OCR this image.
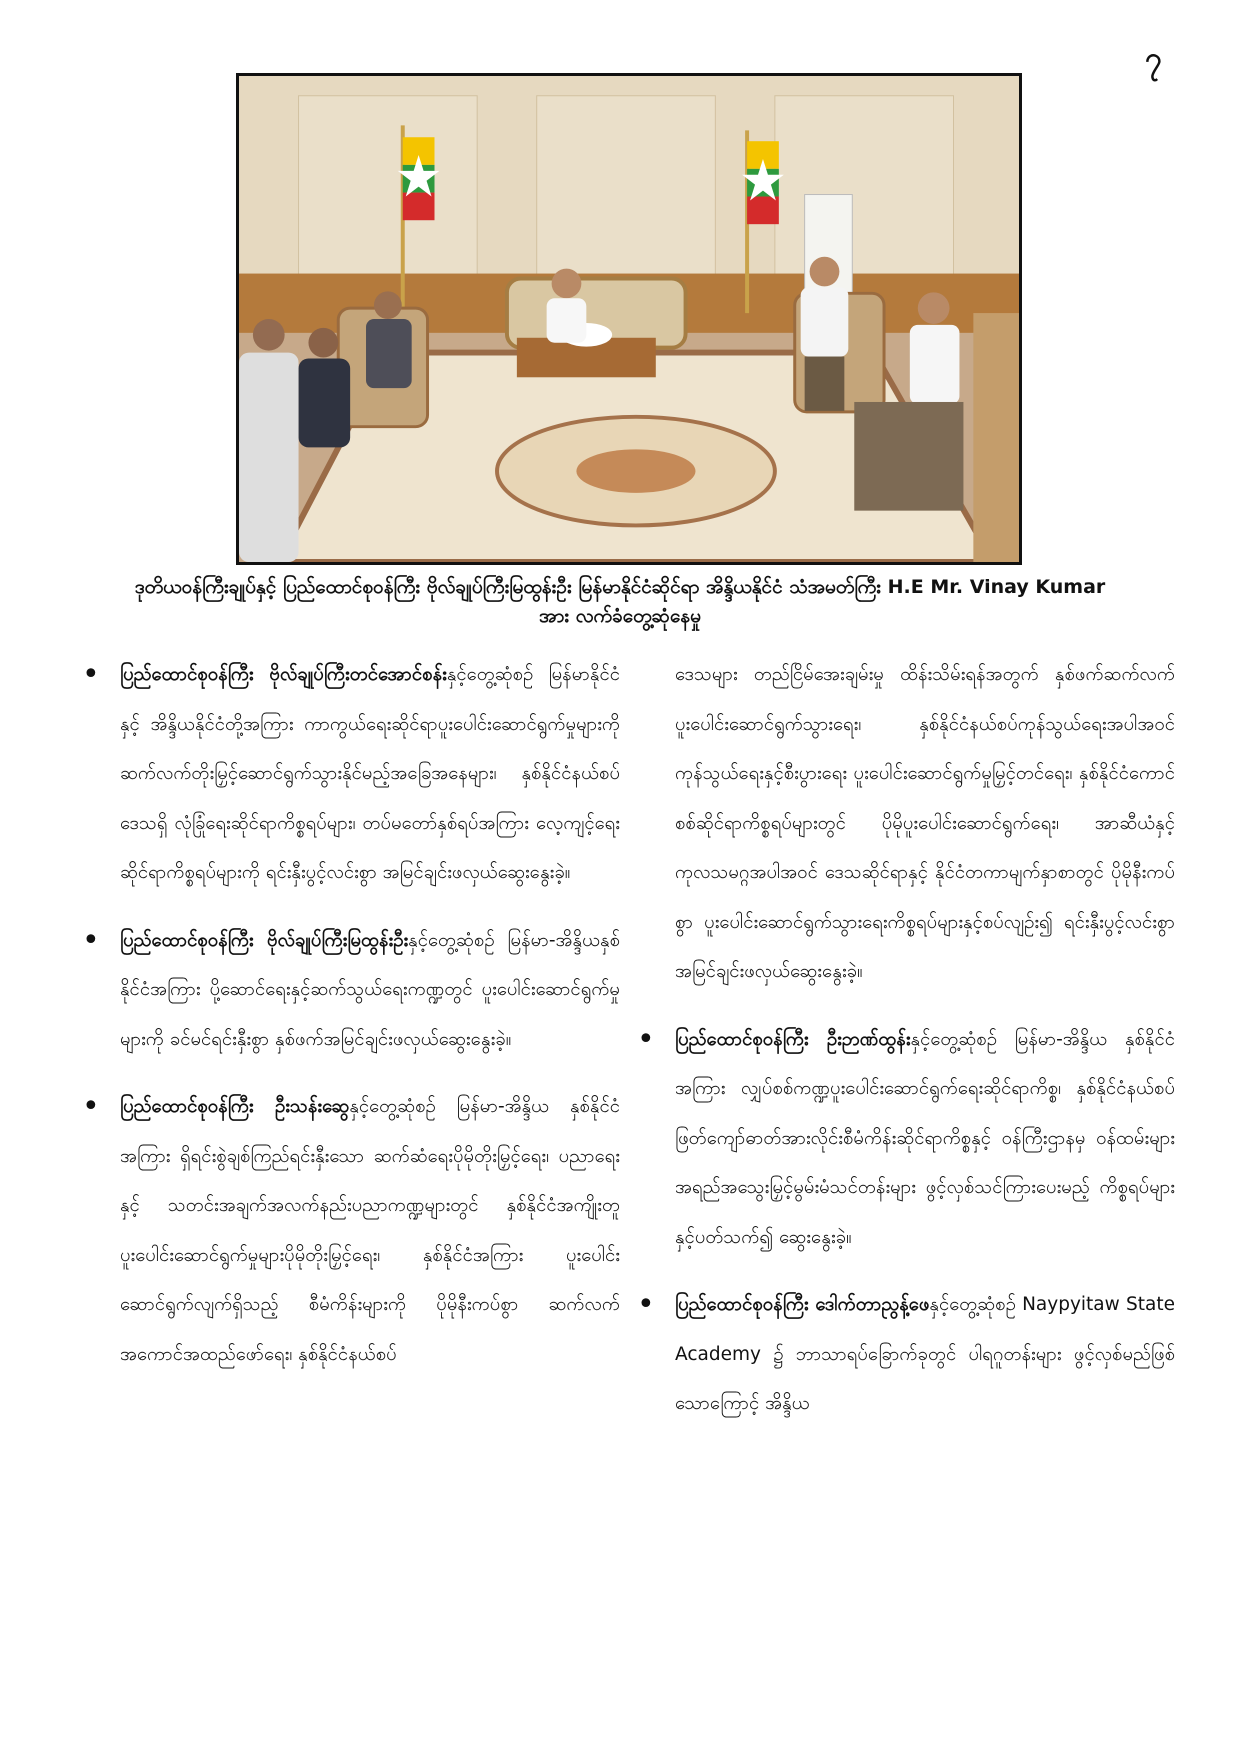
၇
ဒုတိယဝန်ကြီးချုပ်နှင့် ပြည်ထောင်စုဝန်ကြီး ဗိုလ်ချုပ်ကြီးမြထွန်းဦး မြန်မာနိုင်ငံဆိုင်ရာ အိန္ဒိယနိုင်ငံ သံအမတ်ကြီး H.E Mr. Vinay Kumar
အား လက်ခံတွေ့ဆုံနေမှု
• ပြည်ထောင်စုဝန်ကြီး ဗိုလ်ချုပ်ကြီးတင်အောင်စန်းနှင့်တွေ့ဆုံစဉ် မြန်မာနိုင်ငံနှင့် အိန္ဒိယနိုင်ငံတို့အကြား ကာကွယ်ရေးဆိုင်ရာပူးပေါင်းဆောင်ရွက်မှုများကို ဆက်လက်တိုးမြှင့်ဆောင်ရွက်သွားနိုင်မည့်အခြေအနေများ၊ နှစ်နိုင်ငံနယ်စပ်ဒေသရှိ လုံခြုံရေးဆိုင်ရာကိစ္စရပ်များ၊ တပ်မတော်နှစ်ရပ်အကြား လေ့ကျင့်ရေးဆိုင်ရာကိစ္စရပ်များကို ရင်းနှီးပွင့်လင်းစွာ အမြင်ချင်းဖလှယ်ဆွေးနွေးခဲ့။
• ပြည်ထောင်စုဝန်ကြီး ဗိုလ်ချုပ်ကြီးမြထွန်းဦးနှင့်တွေ့ဆုံစဉ် မြန်မာ-အိန္ဒိယနှစ်နိုင်ငံအကြား ပို့ဆောင်ရေးနှင့်ဆက်သွယ်ရေးကဏ္ဍတွင် ပူးပေါင်းဆောင်ရွက်မှုများကို ခင်မင်ရင်းနှီးစွာ နှစ်ဖက်အမြင်ချင်းဖလှယ်ဆွေးနွေးခဲ့။
• ပြည်ထောင်စုဝန်ကြီး ဦးသန်းဆွေနှင့်တွေ့ဆုံစဉ် မြန်မာ-အိန္ဒိယ နှစ်နိုင်ငံအကြား ရှိရင်းစွဲချစ်ကြည်ရင်းနှီးသော ဆက်ဆံရေးပိုမိုတိုးမြှင့်ရေး၊ ပညာရေးနှင့် သတင်းအချက်အလက်နည်းပညာကဏ္ဍများတွင် နှစ်နိုင်ငံအကျိုးတူ ပူးပေါင်းဆောင်ရွက်မှုများပိုမိုတိုးမြှင့်ရေး၊ နှစ်နိုင်ငံအကြား ပူးပေါင်းဆောင်ရွက်လျက်ရှိသည့် စီမံကိန်းများကို ပိုမိုနီးကပ်စွာ ဆက်လက်အကောင်အထည်ဖော်ရေး၊ နှစ်နိုင်ငံနယ်စပ်
ဒေသများ တည်ငြိမ်အေးချမ်းမှု ထိန်းသိမ်းရန်အတွက် နှစ်ဖက်ဆက်လက်ပူးပေါင်းဆောင်ရွက်သွားရေး၊ နှစ်နိုင်ငံနယ်စပ်ကုန်သွယ်ရေးအပါအဝင် ကုန်သွယ်ရေးနှင့်စီးပွားရေး ပူးပေါင်းဆောင်ရွက်မှုမြှင့်တင်ရေး၊ နှစ်နိုင်ငံကောင်စစ်ဆိုင်ရာကိစ္စရပ်များတွင် ပိုမိုပူးပေါင်းဆောင်ရွက်ရေး၊ အာဆီယံနှင့်ကုလသမဂ္ဂအပါအဝင် ဒေသဆိုင်ရာနှင့် နိုင်ငံတကာမျက်နှာစာတွင် ပိုမိုနီးကပ်စွာ ပူးပေါင်းဆောင်ရွက်သွားရေးကိစ္စရပ်များနှင့်စပ်လျဉ်း၍ ရင်းနှီးပွင့်လင်းစွာ အမြင်ချင်းဖလှယ်ဆွေးနွေးခဲ့။
• ပြည်ထောင်စုဝန်ကြီး ဦးဉာဏ်ထွန်းနှင့်တွေ့ဆုံစဉ် မြန်မာ-အိန္ဒိယ နှစ်နိုင်ငံအကြား လျှပ်စစ်ကဏ္ဍပူးပေါင်းဆောင်ရွက်ရေးဆိုင်ရာကိစ္စ၊ နှစ်နိုင်ငံနယ်စပ်ဖြတ်ကျော်ဓာတ်အားလိုင်းစီမံကိန်းဆိုင်ရာကိစ္စနှင့် ဝန်ကြီးဌာနမှ ဝန်ထမ်းများ အရည်အသွေးမြှင့်မွမ်းမံသင်တန်းများ ဖွင့်လှစ်သင်ကြားပေးမည့် ကိစ္စရပ်များနှင့်ပတ်သက်၍ ဆွေးနွေးခဲ့။
• ပြည်ထောင်စုဝန်ကြီး ဒေါက်တာညွန့်ဖေနှင့်တွေ့ဆုံစဉ် Naypyitaw State Academy ၌ ဘာသာရပ်ခြောက်ခုတွင် ပါရဂူတန်းများ ဖွင့်လှစ်မည်ဖြစ်သောကြောင့် အိန္ဒိယ
